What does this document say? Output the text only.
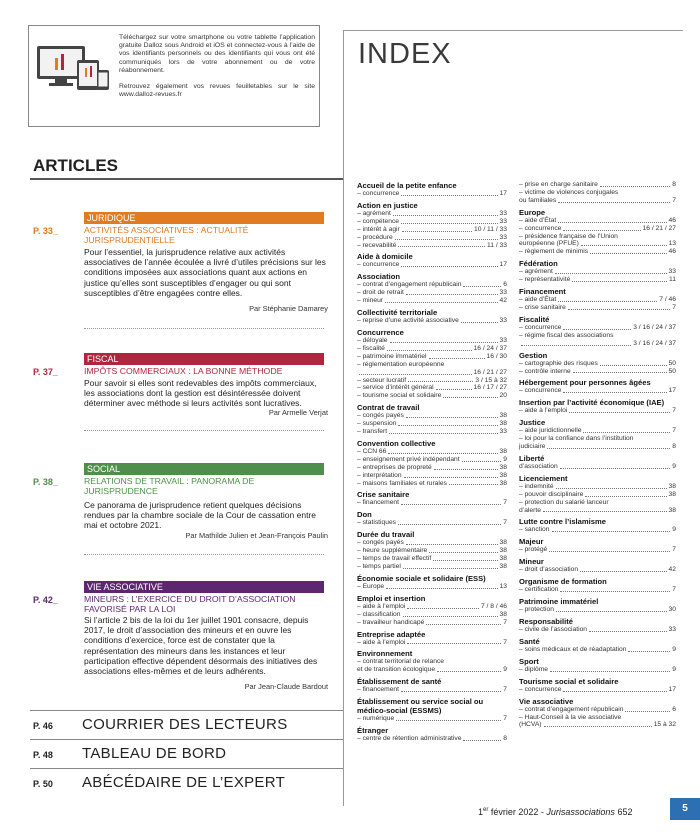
Téléchargez sur votre smartphone ou votre tablette l’application gratuite Dalloz sous Android et iOS et connectez-vous à l’aide de vos identifiants personnels ou des identifiants qui vous ont été communiqués lors de votre abonnement ou de votre réabonnement.

Retrouvez également vos revues feuilletables sur le site www.dalloz-revues.fr

INDEX
ARTICLES
P. 33_
JURIDIQUE
ACTIVITÉS ASSOCIATIVES : ACTUALITÉ JURISPRUDENTIELLE
Pour l’essentiel, la jurisprudence relative aux activités associatives de l’année écoulée a livré d’utiles précisions sur les conditions imposées aux associations quant aux actions en justice qu’elles sont susceptibles d’engager ou qui sont susceptibles d’être engagées contre elles.
Par Stéphanie Damarey
P. 37_
FISCAL
IMPÔTS COMMERCIAUX : LA BONNE MÉTHODE
Pour savoir si elles sont redevables des impôts commerciaux, les associations dont la gestion est désintéressée doivent déterminer avec méthode si leurs activités sont lucratives.
Par Armelle Verjat
P. 38_
SOCIAL
RELATIONS DE TRAVAIL : PANORAMA DE JURISPRUDENCE
Ce panorama de jurisprudence retient quelques décisions rendues par la chambre sociale de la Cour de cassation entre mai et octobre 2021.
Par Mathilde Julien et Jean-François Paulin
P. 42_
VIE ASSOCIATIVE
MINEURS : L’EXERCICE DU DROIT D’ASSOCIATION FAVORISÉ PAR LA LOI
Si l’article 2 bis de la loi du 1er juillet 1901 consacre, depuis 2017, le droit d’association des mineurs et en ouvre les conditions d’exercice, force est de constater que la représentation des mineurs dans les instances et leur participation effective dépendent désormais des initiatives des associations elles-mêmes et de leurs adhérents.
Par Jean-Claude Bardout
P. 46 COURRIER DES LECTEURS
P. 48 TABLEAU DE BORD
P. 50 ABÉCÉDAIRE DE L’EXPERT
Accueil de la petite enfance
– concurrence	17
Action en justice
– agrément	33
– compétence	33
– intérêt à agir	10 / 11 / 33
– procédure	33
– recevabilité	11 / 33
Aide à domicile
– concurrence	17
Association
– contrat d’engagement républicain	6
– droit de retrait	33
– mineur	42
Collectivité territoriale
– reprise d’une activité associative	33
Concurrence
– déloyale	33
– fiscalité	16 / 24 / 37
– patrimoine immatériel	16 / 30
– réglementation européenne
16 / 21 / 27
– secteur lucratif	3 / 15 à 32
– service d’intérêt général	16 / 17 / 27
– tourisme social et solidaire	20
Contrat de travail
– congés payés	38
– suspension	38
– transfert	33
Convention collective
– CCN 66	38
– enseignement privé indépendant	9
– entreprises de propreté	38
– interprétation	38
– maisons familiales et rurales	38
Crise sanitaire
– financement	7
Don
– statistiques	7
Durée du travail
– congés payés	38
– heure supplémentaire	38
– temps de travail effectif	38
– temps partiel	38
Économie sociale et solidaire (ESS)
– Europe	13
Emploi et insertion
– aide à l’emploi	7 / 8 / 46
– classification	38
– travailleur handicapé	7
Entreprise adaptée
– aide à l’emploi	7
Environnement
– contrat territorial de relance
et de transition écologique	9
Établissement de santé
– financement	7
Établissement ou service social ou médico-social (ESSMS)
– numérique	7
Étranger
– centre de rétention administrative	8
– prise en charge sanitaire	8
– victime de violences conjugales
ou familiales	7
Europe
– aide d’État	46
– concurrence	16 / 21 / 27
– présidence française de l’Union
européenne (PFUE)	13
– règlement de minimis	46
Fédération
– agrément	33
– représentativité	11
Financement
– aide d’État	7 / 46
– crise sanitaire	7
Fiscalité
– concurrence	3 / 16 / 24 / 37
– régime fiscal des associations
3 / 16 / 24 / 37
Gestion
– cartographie des risques	50
– contrôle interne	50
Hébergement pour personnes âgées
– concurrence	17
Insertion par l’activité économique (IAE)
– aide à l’emploi	7
Justice
– aide juridictionnelle	7
– loi pour la confiance dans l’institution
judiciaire	8
Liberté
d’association	9
Licenciement
– indemnité	38
– pouvoir disciplinaire	38
– protection du salarié lanceur
d’alerte	38
Lutte contre l’islamisme
– sanction	9
Majeur
– protégé	7
Mineur
– droit d’association	42
Organisme de formation
– certification	7
Patrimoine immatériel
– protection	30
Responsabilité
– civile de l’association	33
Santé
– soins médicaux et de réadaptation	9
Sport
– diplôme	9
Tourisme social et solidaire
– concurrence	17
Vie associative
– contrat d’engagement républicain	6
– Haut-Conseil à la vie associative
(HCVA)	15 à 32
1er février 2022 - Jurisassociations 652	5
